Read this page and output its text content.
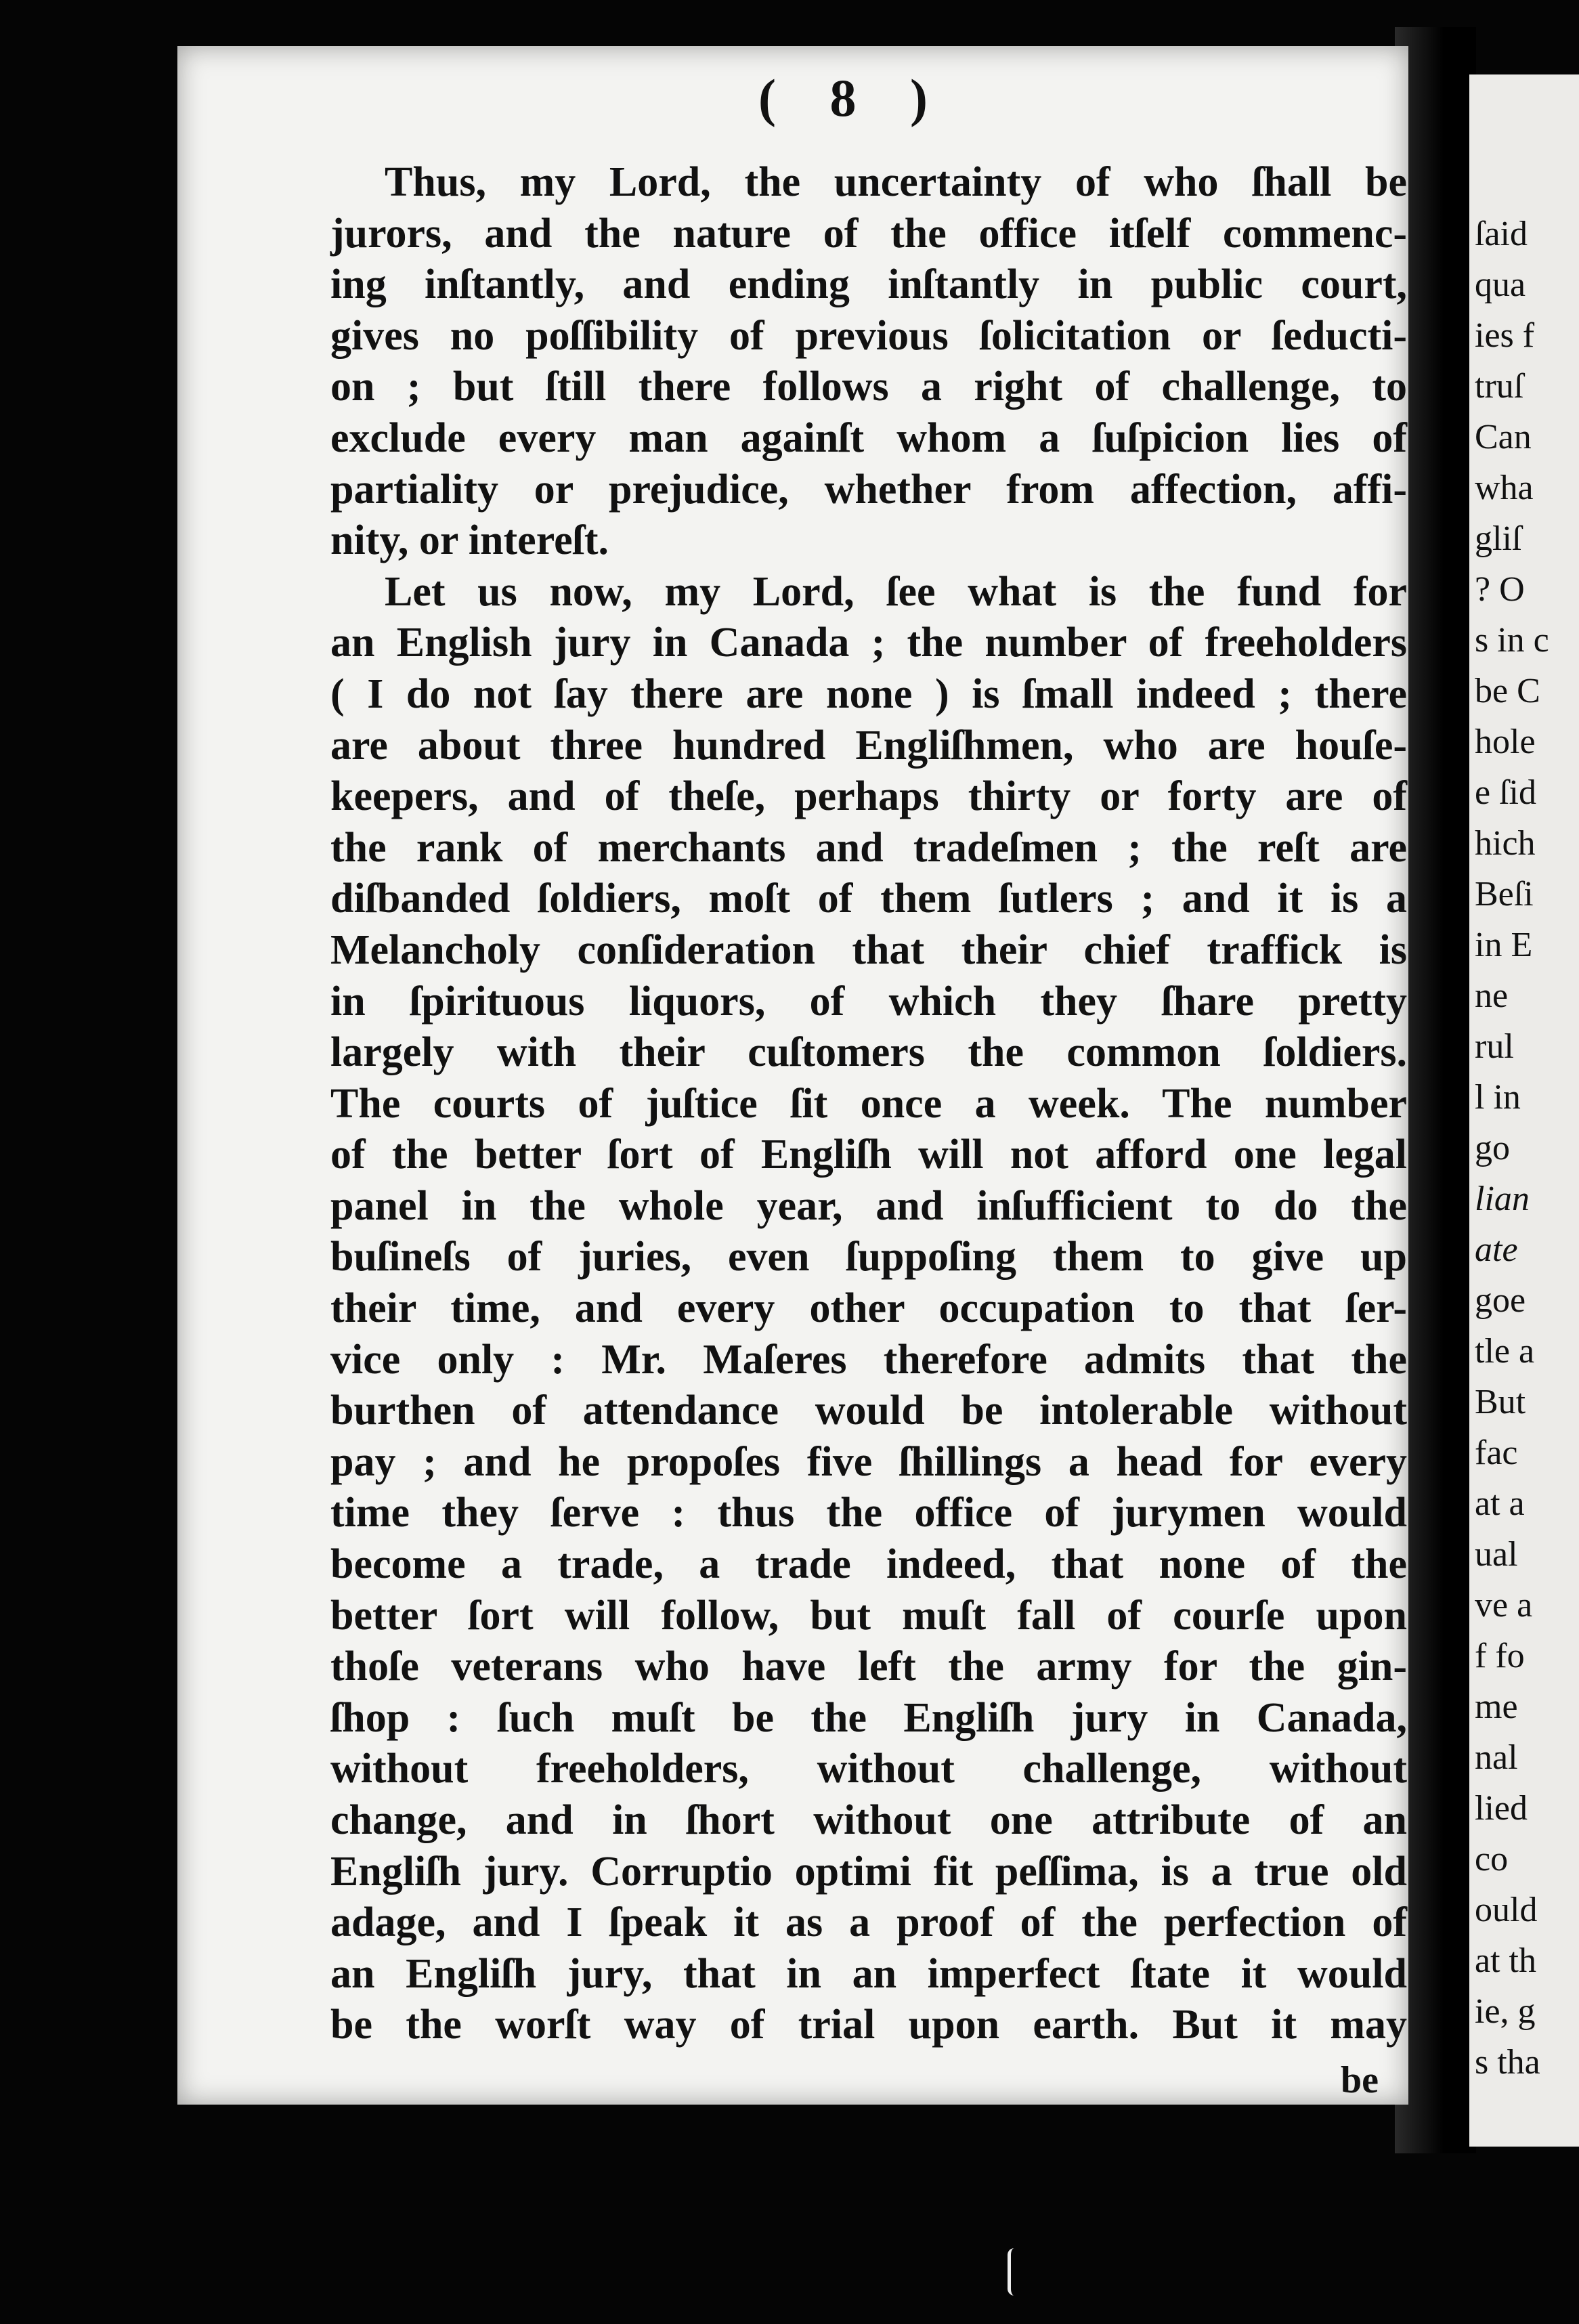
ſaid
qua
ies f
truſ
Can
wha
gliſ
? O
s in c
be C
hole
e ſid
hich
Beſi
in E
ne
rul
l in
go
lian
ate
goe
tle a
But
fac
at a
ual
ve a
f fo
me
nal
lied
co
ould
at th
ie, g
s tha
( 8 )
Thus, my Lord, the uncertainty of who ſhall be
jurors, and the nature of the office itſelf commenc-
ing inſtantly, and ending inſtantly in public court,
gives no poſſibility of previous ſolicitation or ſeducti-
on ; but ſtill there follows a right of challenge, to
exclude every man againſt whom a ſuſpicion lies of
partiality or prejudice, whether from affection, affi-
nity, or intereſt.
Let us now, my Lord, ſee what is the fund for
an English jury in Canada ; the number of freeholders
( I do not ſay there are none ) is ſmall indeed ; there
are about three hundred Engliſhmen, who are houſe-
keepers, and of theſe, perhaps thirty or forty are of
the rank of merchants and tradeſmen ; the reſt are
diſbanded ſoldiers, moſt of them ſutlers ; and it is a
Melancholy conſideration that their chief traffick is
in ſpirituous liquors, of which they ſhare pretty
largely with their cuſtomers the common ſoldiers.
The courts of juſtice ſit once a week. The number
of the better ſort of Engliſh will not afford one legal
panel in the whole year, and inſufficient to do the
buſineſs of juries, even ſuppoſing them to give up
their time, and every other occupation to that ſer-
vice only : Mr. Maſeres therefore admits that the
burthen of attendance would be intolerable without
pay ; and he propoſes five ſhillings a head for every
time they ſerve : thus the office of jurymen would
become a trade, a trade indeed, that none of the
better ſort will follow, but muſt fall of courſe upon
thoſe veterans who have left the army for the gin-
ſhop : ſuch muſt be the Engliſh jury in Canada,
without freeholders, without challenge, without
change, and in ſhort without one attribute of an
Engliſh jury. Corruptio optimi fit peſſima, is a true old
adage, and I ſpeak it as a proof of the perfection of
an Engliſh jury, that in an imperfect ſtate it would
be the worſt way of trial upon earth. But it may
be
